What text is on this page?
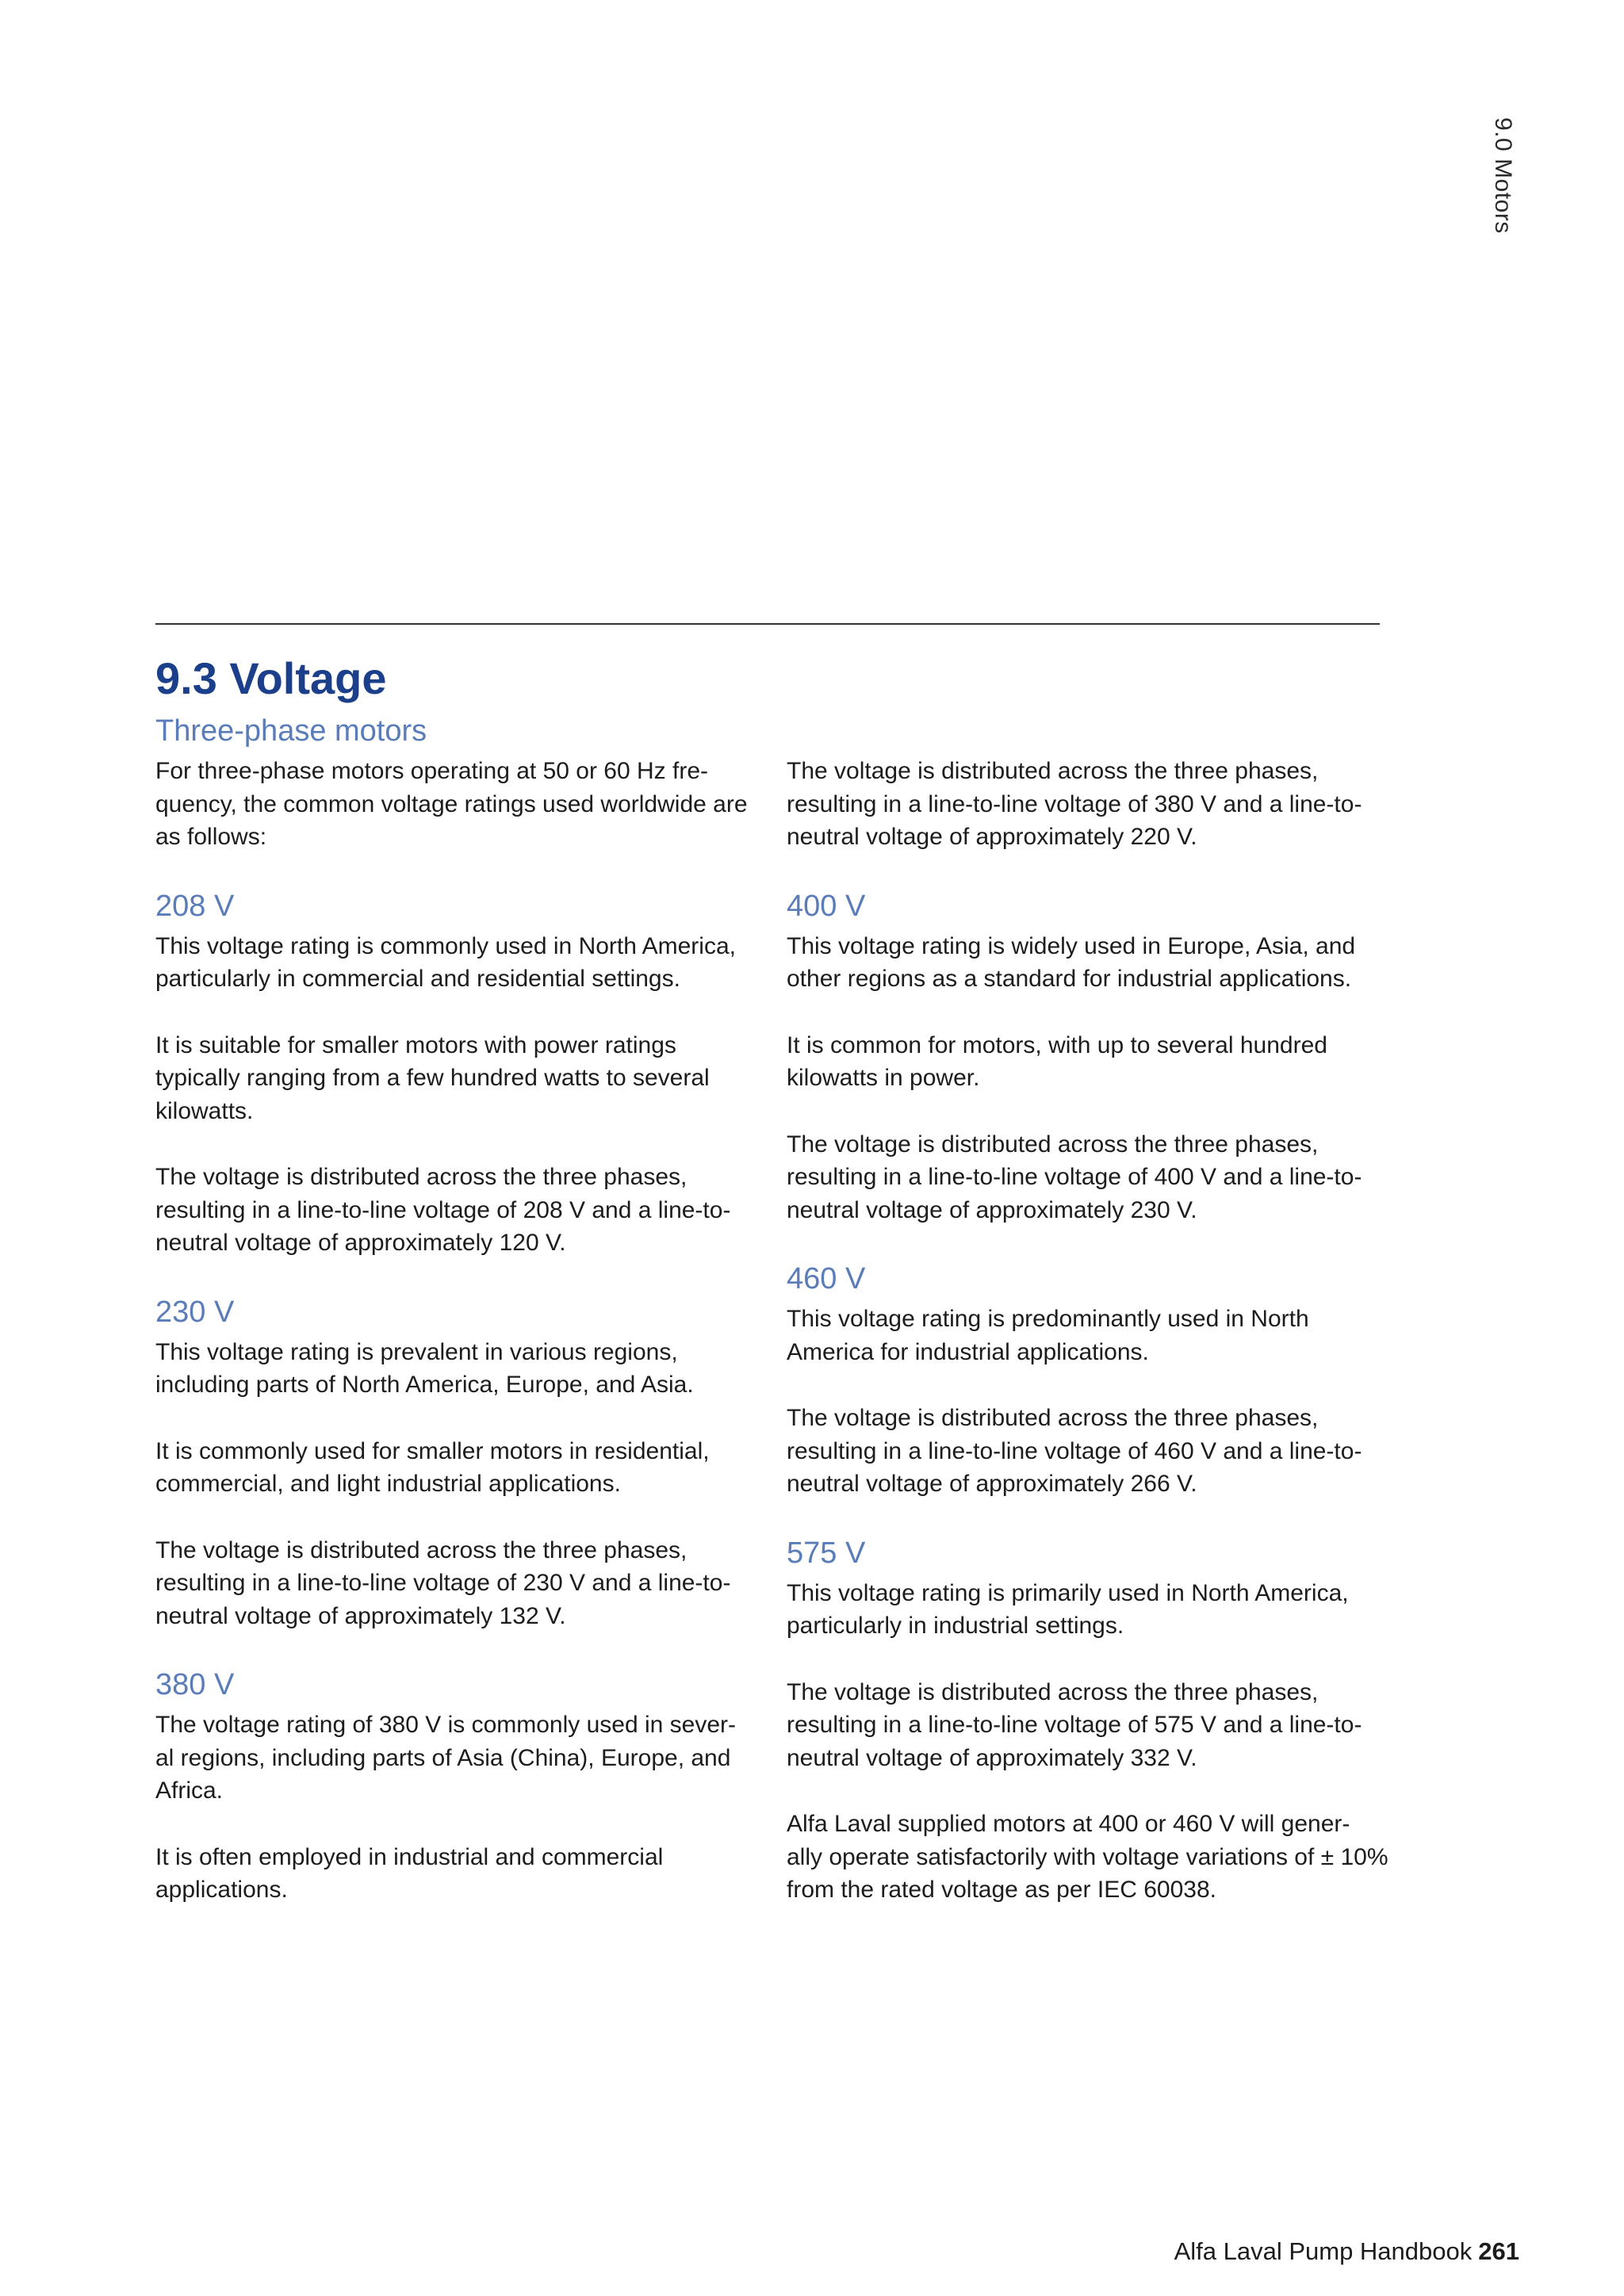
9.0 Motors
9.3 Voltage
Three-phase motors

For three-phase motors operating at 50 or 60 Hz fre- quency, the common voltage ratings used worldwide are as follows:

208 V

This voltage rating is commonly used in North America, particularly in commercial and residential settings.

It is suitable for smaller motors with power ratings typically ranging from a few hundred watts to several kilowatts.

The voltage is distributed across the three phases, resulting in a line-to-line voltage of 208 V and a line-to- neutral voltage of approximately 120 V.

230 V

This voltage rating is prevalent in various regions, including parts of North America, Europe, and Asia.

It is commonly used for smaller motors in residential, commercial, and light industrial applications.

The voltage is distributed across the three phases, resulting in a line-to-line voltage of 230 V and a line-to- neutral voltage of approximately 132 V.

380 V

The voltage rating of 380 V is commonly used in sever- al regions, including parts of Asia (China), Europe, and Africa.

It is often employed in industrial and commercial applications.

The voltage is distributed across the three phases, resulting in a line-to-line voltage of 380 V and a line-to- neutral voltage of approximately 220 V.

400 V

This voltage rating is widely used in Europe, Asia, and other regions as a standard for industrial applications.

It is common for motors, with up to several hundred kilowatts in power.

The voltage is distributed across the three phases, resulting in a line-to-line voltage of 400 V and a line-to- neutral voltage of approximately 230 V.

460 V

This voltage rating is predominantly used in North America for industrial applications.

The voltage is distributed across the three phases, resulting in a line-to-line voltage of 460 V and a line-to- neutral voltage of approximately 266 V.

575 V

This voltage rating is primarily used in North America, particularly in industrial settings.

The voltage is distributed across the three phases, resulting in a line-to-line voltage of 575 V and a line-to- neutral voltage of approximately 332 V.

Alfa Laval supplied motors at 400 or 460 V will gener- ally operate satisfactorily with voltage variations of ± 10% from the rated voltage as per IEC 60038.

Alfa Laval Pump Handbook 261
